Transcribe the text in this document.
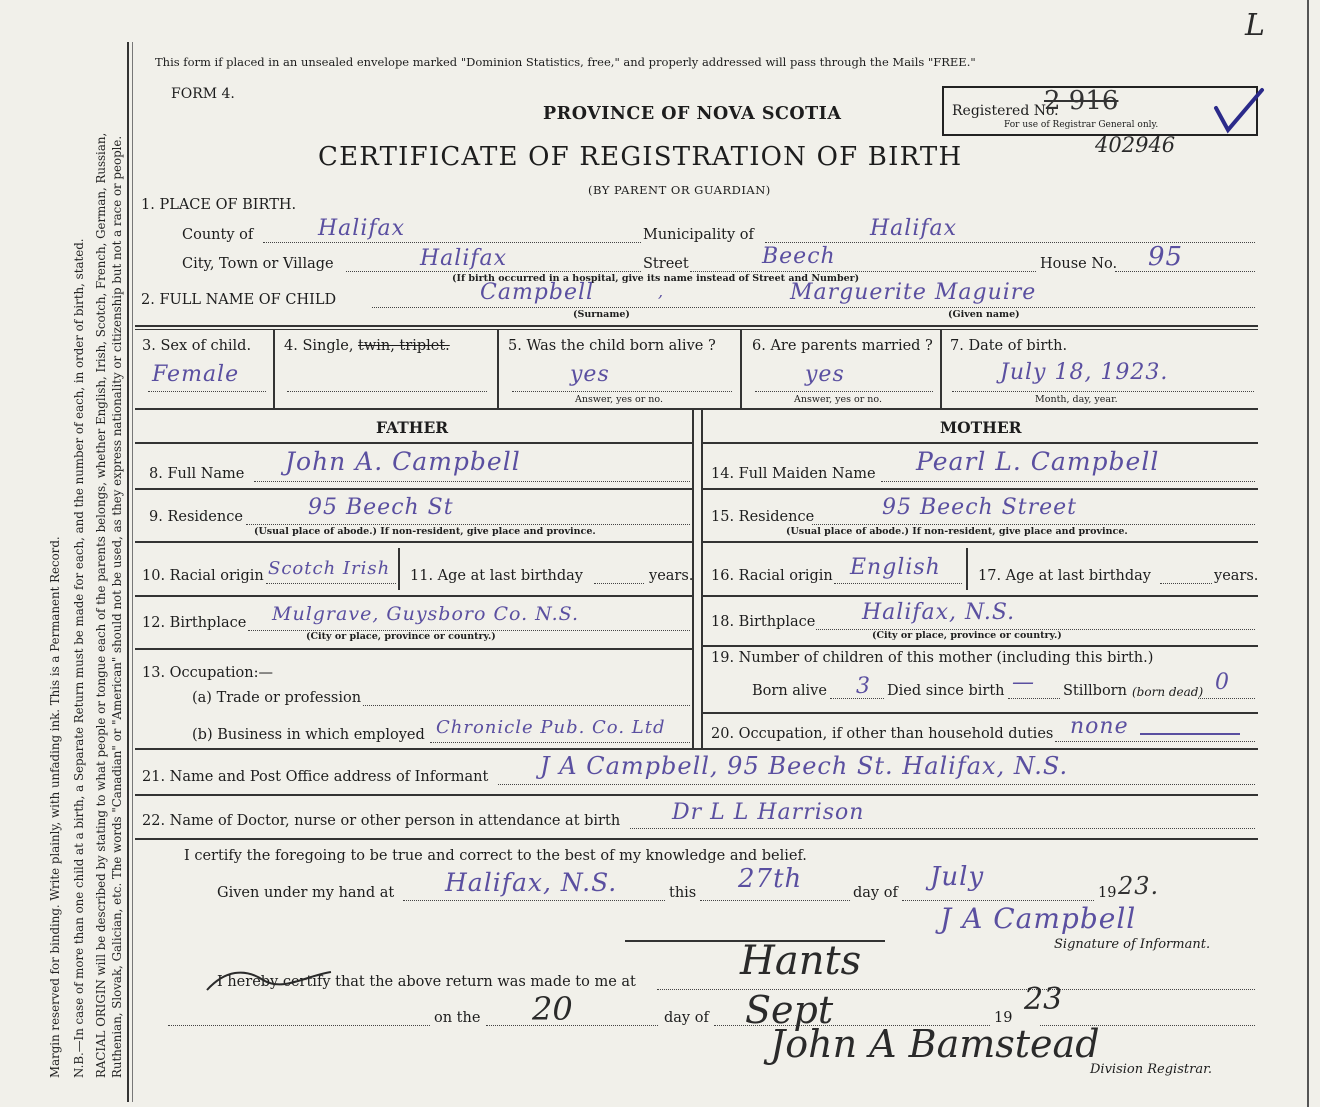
Margin reserved for binding. Write plainly, with unfading ink. This is a Permanent Record. N.B.—In case of more than one child at a birth, a Separate Return must be made for each, and the number of each, in order of birth, stated. RACIAL ORIGIN will be described by stating to what people or tongue each of the parents belongs, whether English, Irish, Scotch, French, German, Russian, Ruthenian, Slovak, Galician, etc. The words "Canadian" or "American" should not be used, as they express nationality or citizenship but not a race or people.
This form if placed in an unsealed envelope marked "Dominion Statistics, free," and properly addressed will pass through the Mails "FREE."
FORM 4.
PROVINCE OF NOVA SCOTIA
CERTIFICATE OF REGISTRATION OF BIRTH
(BY PARENT OR GUARDIAN)
Registered No.
2 916
For use of Registrar General only.
402946
L
1. PLACE OF BIRTH.
County of	Halifax	Municipality of	Halifax
City, Town or Village	Halifax	Street	Beech	House No. 95
(If birth occurred in a hospital, give its name instead of Street and Number)
2. FULL NAME OF CHILD	Campbell	,	Marguerite Maguire
(Surname)	(Given name)
3. Sex of child.
Female
4. Single, twin, triplet.	5. Was the child born alive ?
yes
Answer, yes or no.
6. Are parents married ?
yes
Answer, yes or no.
7. Date of birth.
July 18, 1923.
Month, day, year.
FATHER	MOTHER
8. Full Name John A. Campbell
9. Residence	95 Beech St
(Usual place of abode.) If non-resident, give place and province.
10. Racial origin Scotch Irish 11. Age at last birthday	years.
12. Birthplace Mulgrave, Guysboro Co. N.S.
(City or place, province or country.)
13. Occupation:—
(a) Trade or profession
(b) Business in which employed Chronicle Pub. Co. Ltd
14. Full Maiden Name Pearl L. Campbell
15. Residence	95 Beech Street
(Usual place of abode.) If non-resident, give place and province.
16. Racial origin English	17. Age at last birthday	years.
18. Birthplace Halifax, N.S.
(City or place, province or country.)
19. Number of children of this mother (including this birth.)
Born alive 3 Died since birth — Stillborn (born dead) 0
20. Occupation, if other than household duties none
21. Name and Post Office address of Informant J A Campbell, 95 Beech St. Halifax, N.S.
22. Name of Doctor, nurse or other person in attendance at birth Dr L L Harrison
I certify the foregoing to be true and correct to the best of my knowledge and belief.
Given under my hand at Halifax, N.S.	this 27th	day of
July
19 23.
J A Campbell
Signature of Informant.
I hereby certify that the above return was made to me at	Hants
on the 20	day of Sept	19
23
John A Bamstead
Division Registrar.
